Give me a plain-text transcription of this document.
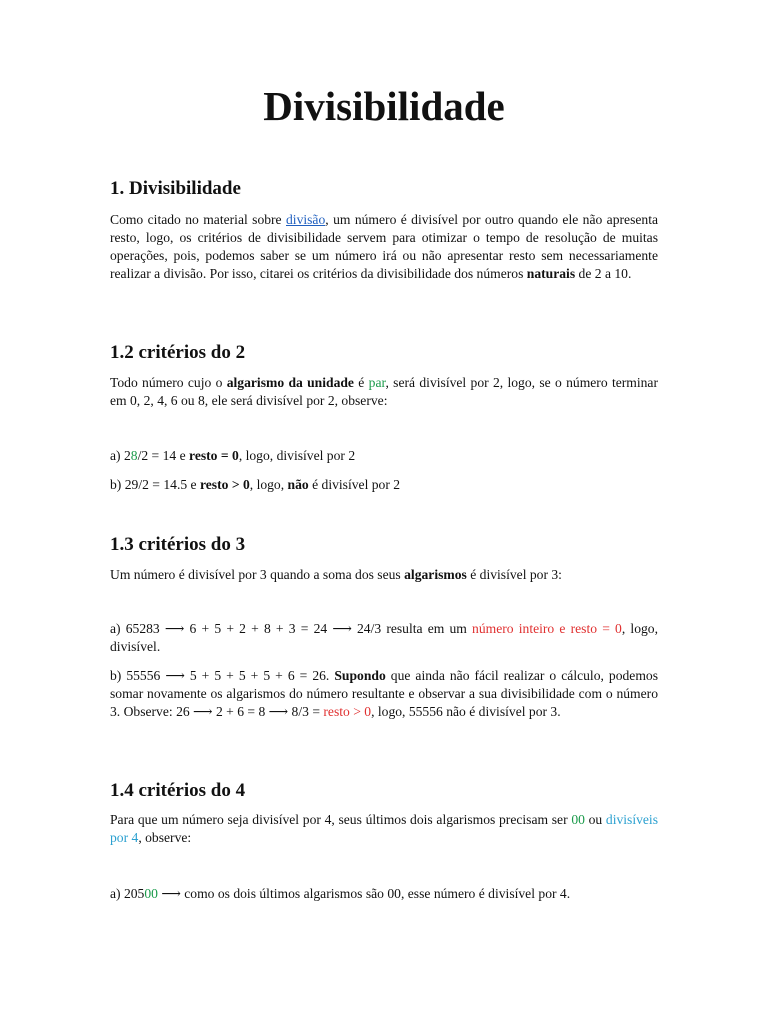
Divisibilidade
1. Divisibilidade

Como citado no material sobre divisão, um número é divisível por outro quando ele não apresenta resto, logo, os critérios de divisibilidade servem para otimizar o tempo de resolução de muitas operações, pois, podemos saber se um número irá ou não apresentar resto sem necessariamente realizar a divisão. Por isso, citarei os critérios da divisibilidade dos números naturais de 2 a 10.

1.2 critérios do 2

Todo número cujo o algarismo da unidade é par, será divisível por 2, logo, se o número terminar em 0, 2, 4, 6 ou 8, ele será divisível por 2, observe:

a) 28/2 = 14 e resto = 0, logo, divisível por 2

b) 29/2 = 14.5 e resto > 0, logo, não é divisível por 2

1.3 critérios do 3

Um número é divisível por 3 quando a soma dos seus algarismos é divisível por 3:

a) 65283 ⟶ 6 + 5 + 2 + 8 + 3 = 24 ⟶ 24/3 resulta em um número inteiro e resto = 0, logo, divisível.

b) 55556 ⟶ 5 + 5 + 5 + 5 + 6 = 26. Supondo que ainda não fácil realizar o cálculo, podemos somar novamente os algarismos do número resultante e observar a sua divisibilidade com o número 3. Observe: 26 ⟶ 2 + 6 = 8 ⟶ 8/3 = resto > 0, logo, 55556 não é divisível por 3.

1.4 critérios do 4

Para que um número seja divisível por 4, seus últimos dois algarismos precisam ser 00 ou divisíveis por 4, observe:

a) 20500 ⟶ como os dois últimos algarismos são 00, esse número é divisível por 4.
